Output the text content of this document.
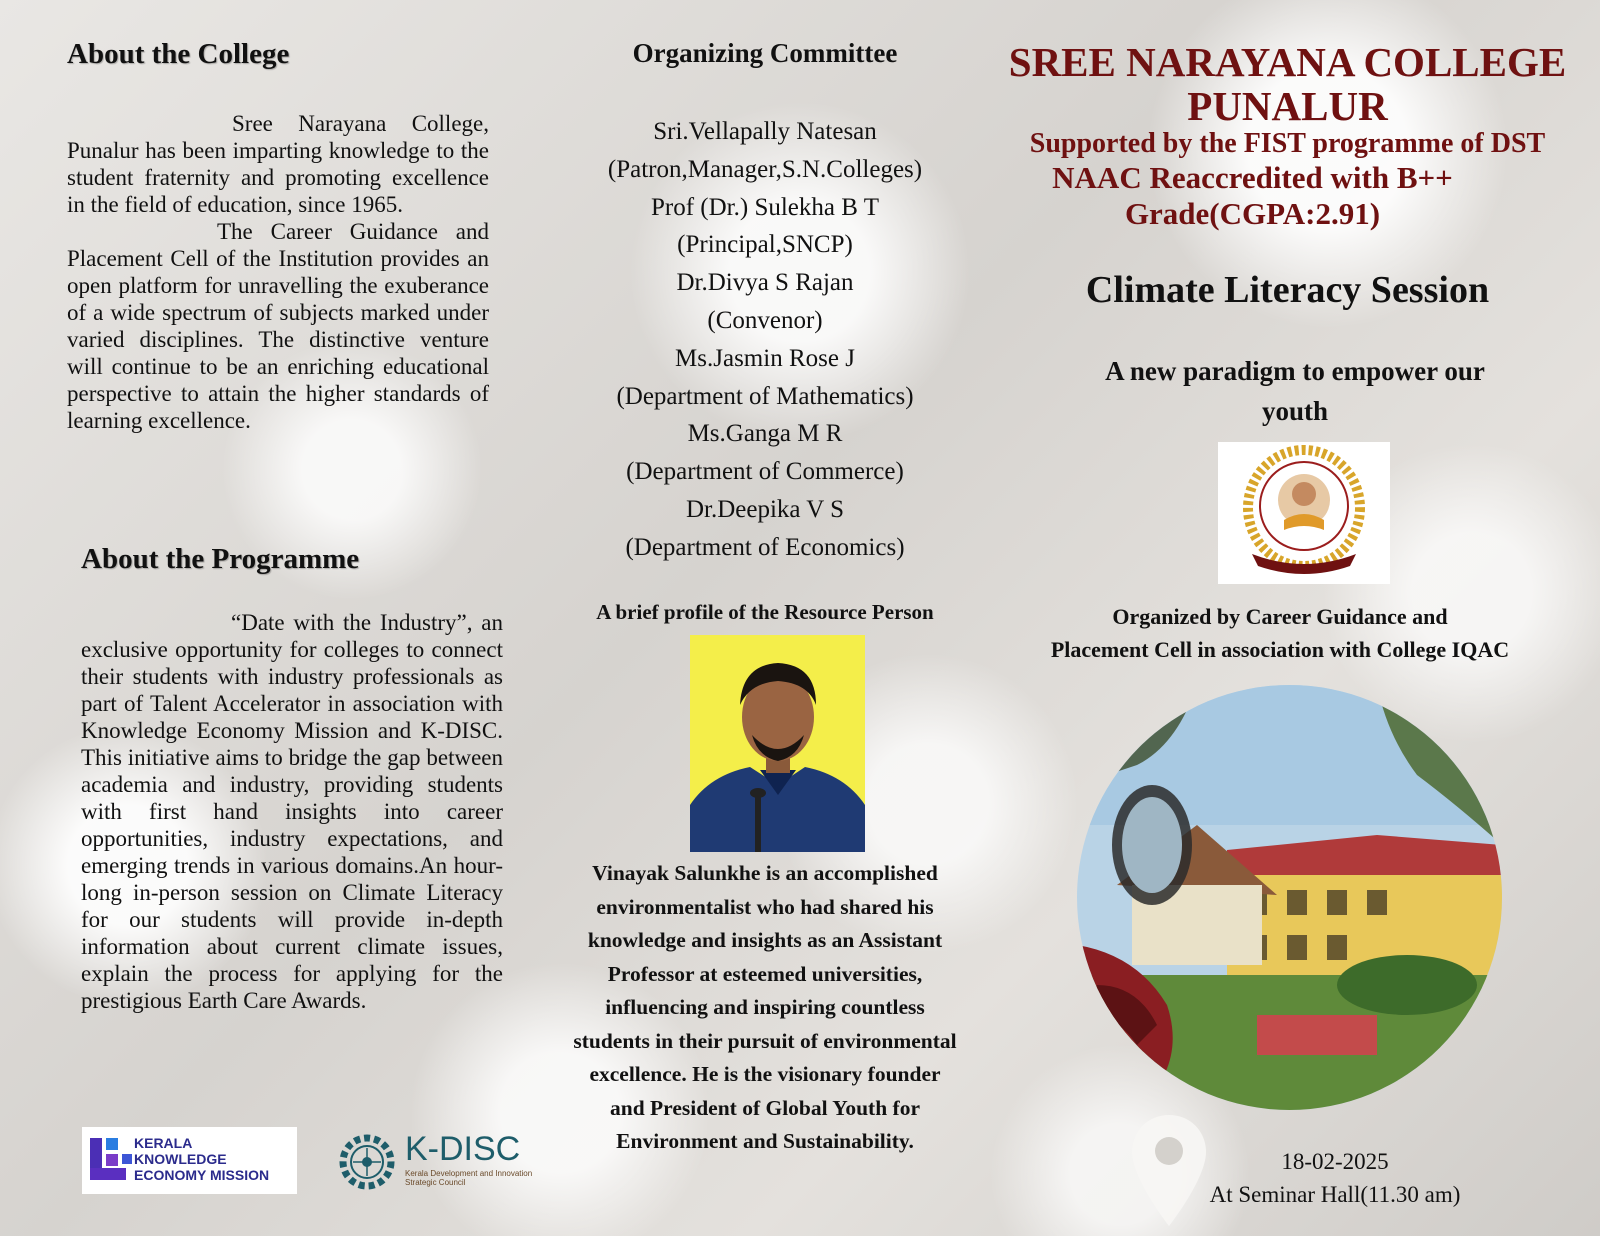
About the College

Sree Narayana College, Punalur has been imparting knowledge to the student fraternity and promoting excellence in the field of education, since 1965.

The Career Guidance and Placement Cell of the Institution provides an open platform for unravelling the exuberance of a wide spectrum of subjects marked under varied disciplines. The distinctive venture will continue to be an enriching educational perspective to attain the higher standards of learning excellence.

About the Programme

“Date with the Industry”, an exclusive opportunity for colleges to connect their students with industry professionals as part of Talent Accelerator in association with Knowledge Economy Mission and K-DISC. This initiative aims to bridge the gap between academia and industry, providing students with first hand insights into career opportunities, industry expectations, and emerging trends in various domains.An hour-long in-person session on Climate Literacy for our students will provide in-depth information about current climate issues, explain the process for applying for the prestigious Earth Care Awards.

KERALA
KNOWLEDGE
ECONOMY MISSION
K-DISC
Kerala Development and Innovation Strategic Council
Organizing Committee
Sri.Vellapally Natesan
(Patron,Manager,S.N.Colleges)
Prof (Dr.) Sulekha B T
(Principal,SNCP)
Dr.Divya S Rajan
(Convenor)
Ms.Jasmin Rose J
(Department of Mathematics)
Ms.Ganga M R
(Department of Commerce)
Dr.Deepika V S
(Department of Economics)
A brief profile of the Resource Person

Vinayak Salunkhe is an accomplished environmentalist who had shared his knowledge and insights as an Assistant Professor at esteemed universities, influencing and inspiring countless students in their pursuit of environmental excellence. He is the visionary founder and President of Global Youth for Environment and Sustainability.

SREE NARAYANA COLLEGE PUNALUR

Supported by the FIST programme of DST

NAAC Reaccredited with B++ Grade(CGPA:2.91)

Climate Literacy Session

A new paradigm to empower our youth

Organized by Career Guidance and
Placement Cell in association with College IQAC

18-02-2025
At Seminar Hall(11.30 am)
